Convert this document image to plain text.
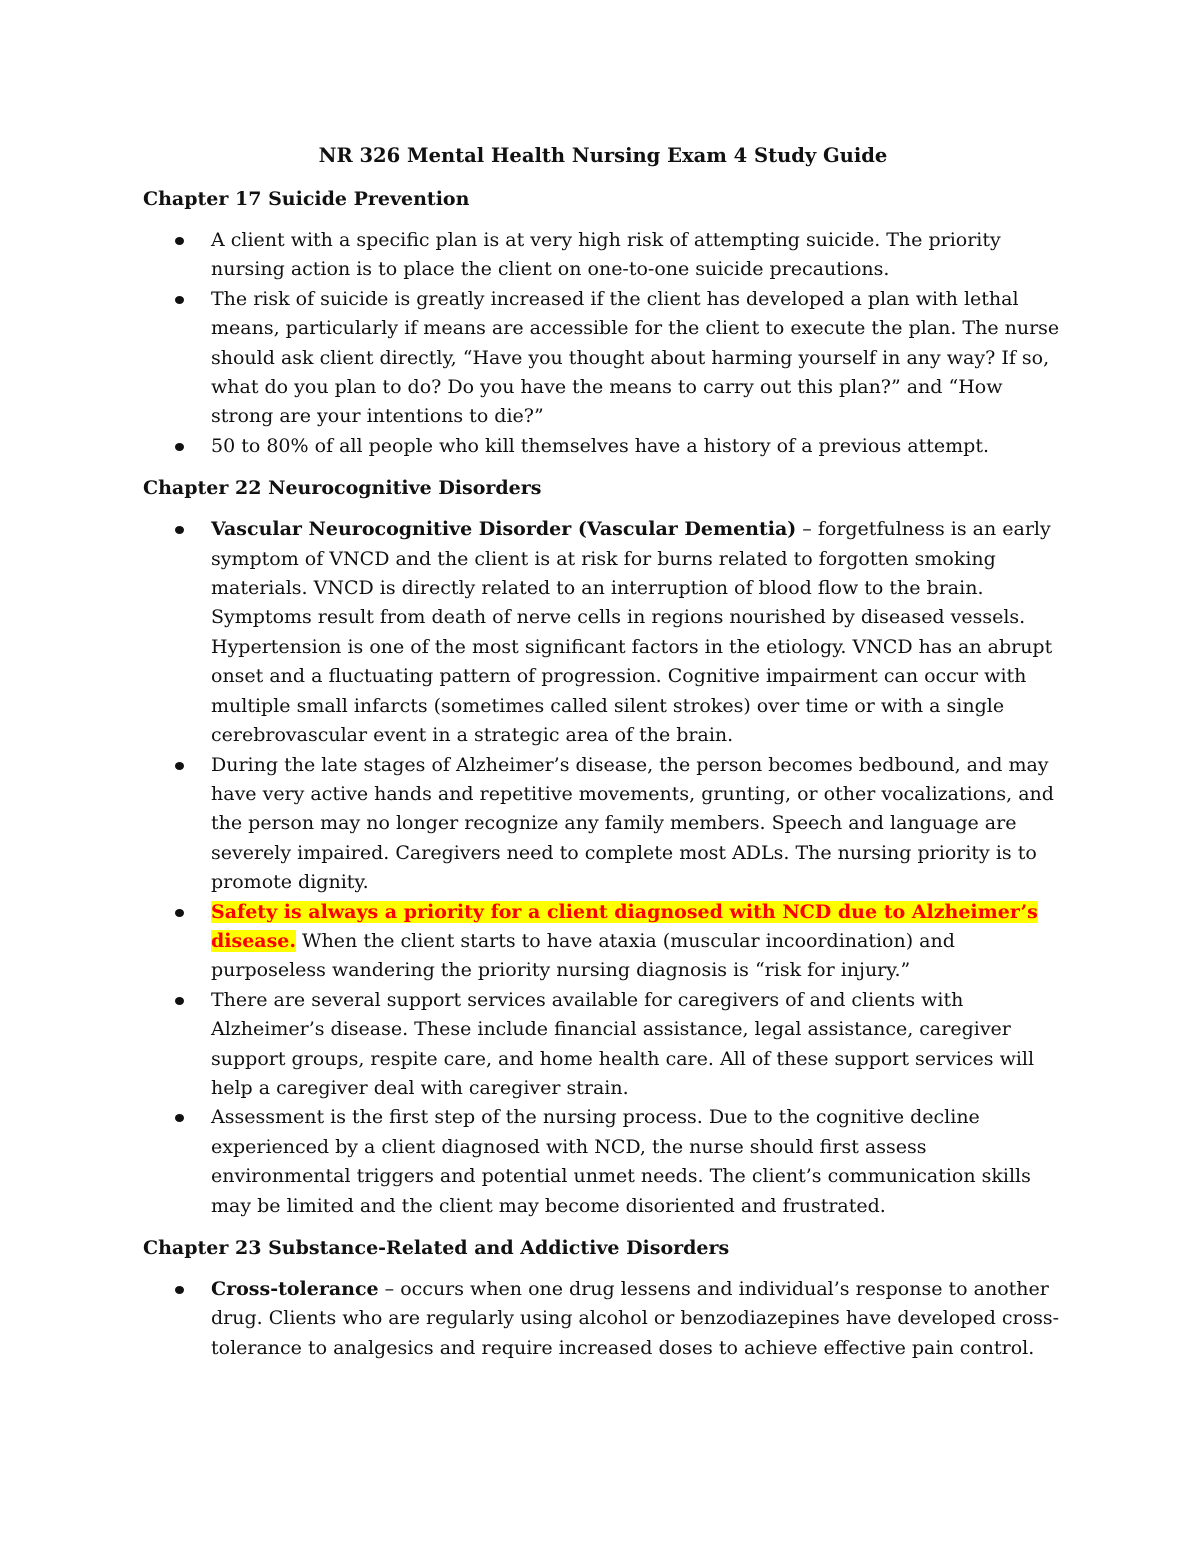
NR 326 Mental Health Nursing Exam 4 Study Guide
Chapter 17 Suicide Prevention
A client with a specific plan is at very high risk of attempting suicide. The priority nursing action is to place the client on one-to-one suicide precautions.
The risk of suicide is greatly increased if the client has developed a plan with lethal means, particularly if means are accessible for the client to execute the plan. The nurse should ask client directly, “Have you thought about harming yourself in any way? If so, what do you plan to do? Do you have the means to carry out this plan?” and “How strong are your intentions to die?”
50 to 80% of all people who kill themselves have a history of a previous attempt.
Chapter 22 Neurocognitive Disorders
Vascular Neurocognitive Disorder (Vascular Dementia) – forgetfulness is an early symptom of VNCD and the client is at risk for burns related to forgotten smoking materials. VNCD is directly related to an interruption of blood flow to the brain. Symptoms result from death of nerve cells in regions nourished by diseased vessels. Hypertension is one of the most significant factors in the etiology. VNCD has an abrupt onset and a fluctuating pattern of progression. Cognitive impairment can occur with multiple small infarcts (sometimes called silent strokes) over time or with a single cerebrovascular event in a strategic area of the brain.
During the late stages of Alzheimer’s disease, the person becomes bedbound, and may have very active hands and repetitive movements, grunting, or other vocalizations, and the person may no longer recognize any family members. Speech and language are severely impaired. Caregivers need to complete most ADLs. The nursing priority is to promote dignity.
Safety is always a priority for a client diagnosed with NCD due to Alzheimer’s disease. When the client starts to have ataxia (muscular incoordination) and purposeless wandering the priority nursing diagnosis is “risk for injury.”
There are several support services available for caregivers of and clients with Alzheimer’s disease. These include financial assistance, legal assistance, caregiver support groups, respite care, and home health care. All of these support services will help a caregiver deal with caregiver strain.
Assessment is the first step of the nursing process. Due to the cognitive decline experienced by a client diagnosed with NCD, the nurse should first assess environmental triggers and potential unmet needs. The client’s communication skills may be limited and the client may become disoriented and frustrated.
Chapter 23 Substance-Related and Addictive Disorders
Cross-tolerance – occurs when one drug lessens and individual’s response to another drug. Clients who are regularly using alcohol or benzodiazepines have developed cross-tolerance to analgesics and require increased doses to achieve effective pain control.
